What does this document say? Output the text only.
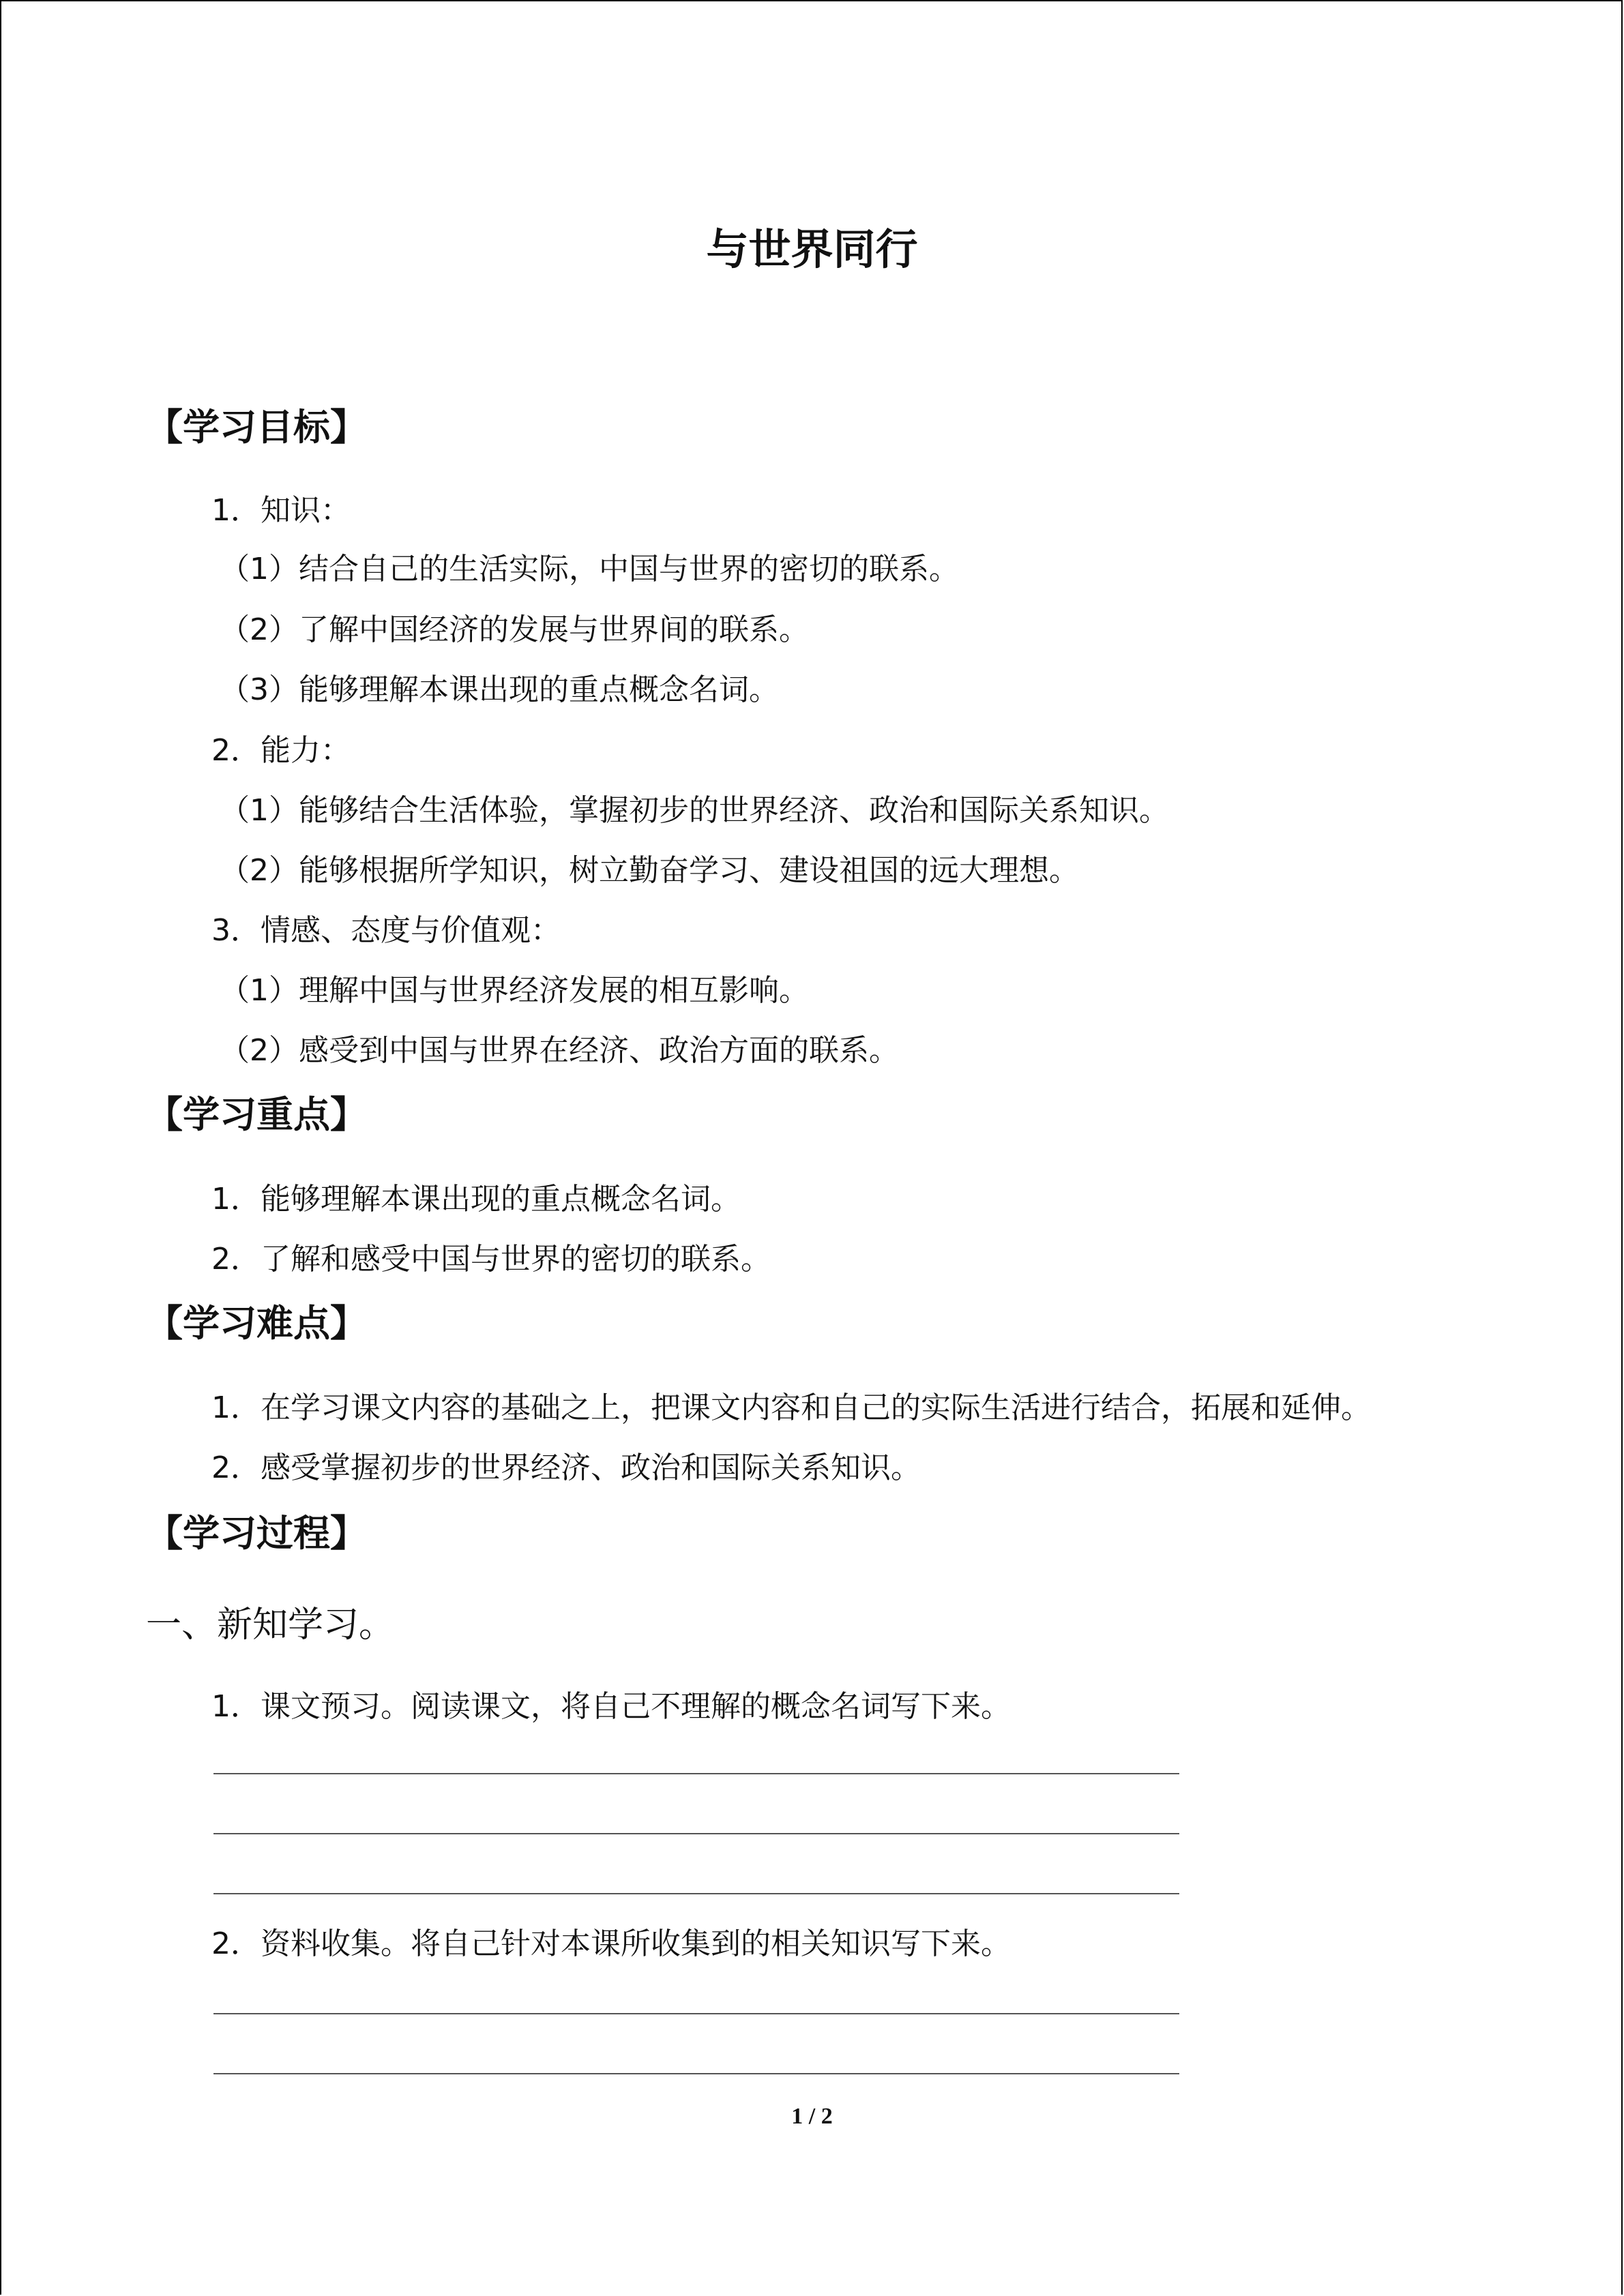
与世界同行
【学习目标】
1．知识：
（1）结合自己的生活实际，中国与世界的密切的联系。
（2）了解中国经济的发展与世界间的联系。
（3）能够理解本课出现的重点概念名词。
2．能力：
（1）能够结合生活体验，掌握初步的世界经济、政治和国际关系知识。
（2）能够根据所学知识，树立勤奋学习、建设祖国的远大理想。
3．情感、态度与价值观：
（1）理解中国与世界经济发展的相互影响。
（2）感受到中国与世界在经济、政治方面的联系。
【学习重点】
1．能够理解本课出现的重点概念名词。
2．了解和感受中国与世界的密切的联系。
【学习难点】
1．在学习课文内容的基础之上，把课文内容和自己的实际生活进行结合，拓展和延伸。
2．感受掌握初步的世界经济、政治和国际关系知识。
【学习过程】
一、新知学习。
1．课文预习。阅读课文，将自己不理解的概念名词写下来。
2．资料收集。将自己针对本课所收集到的相关知识写下来。
1 / 2
